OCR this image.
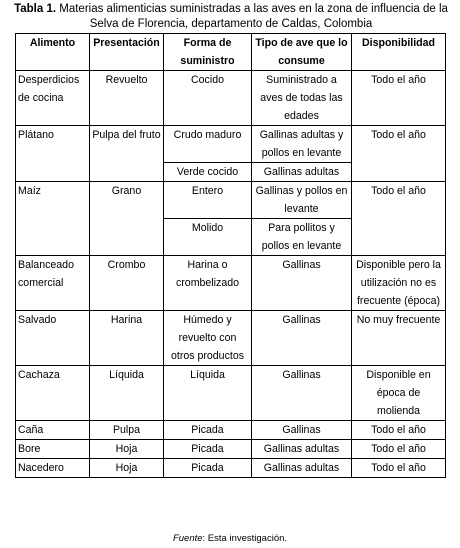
Tabla 1. Materias alimenticias suministradas a las aves en la zona de influencia de la Selva de Florencia, departamento de Caldas, Colombia
Alimento	Presentación	Forma de suministro	Tipo de ave que lo consume	Disponibilidad
Desperdicios de cocina	Revuelto	Cocido	Suministrado a aves de todas las edades	Todo el año
Plátano	Pulpa del fruto	Crudo maduro	Gallinas adultas y pollos en levante	Todo el año
		Verde cocido	Gallinas adultas	
Maíz	Grano	Entero	Gallinas y pollos en levante	Todo el año
		Molido	Para pollitos y pollos en levante	
Balanceado comercial	Crombo	Harina o crombelizado	Gallinas	Disponible pero la utilización no es frecuente (época)
Salvado	Harina	Húmedo y revuelto con otros productos	Gallinas	No muy frecuente
Cachaza	Líquida	Líquida	Gallinas	Disponible en época de molienda
Caña	Pulpa	Picada	Gallinas	Todo el año
Bore	Hoja	Picada	Gallinas adultas	Todo el año
Nacedero	Hoja	Picada	Gallinas adultas	Todo el año
Fuente: Esta investigación.
